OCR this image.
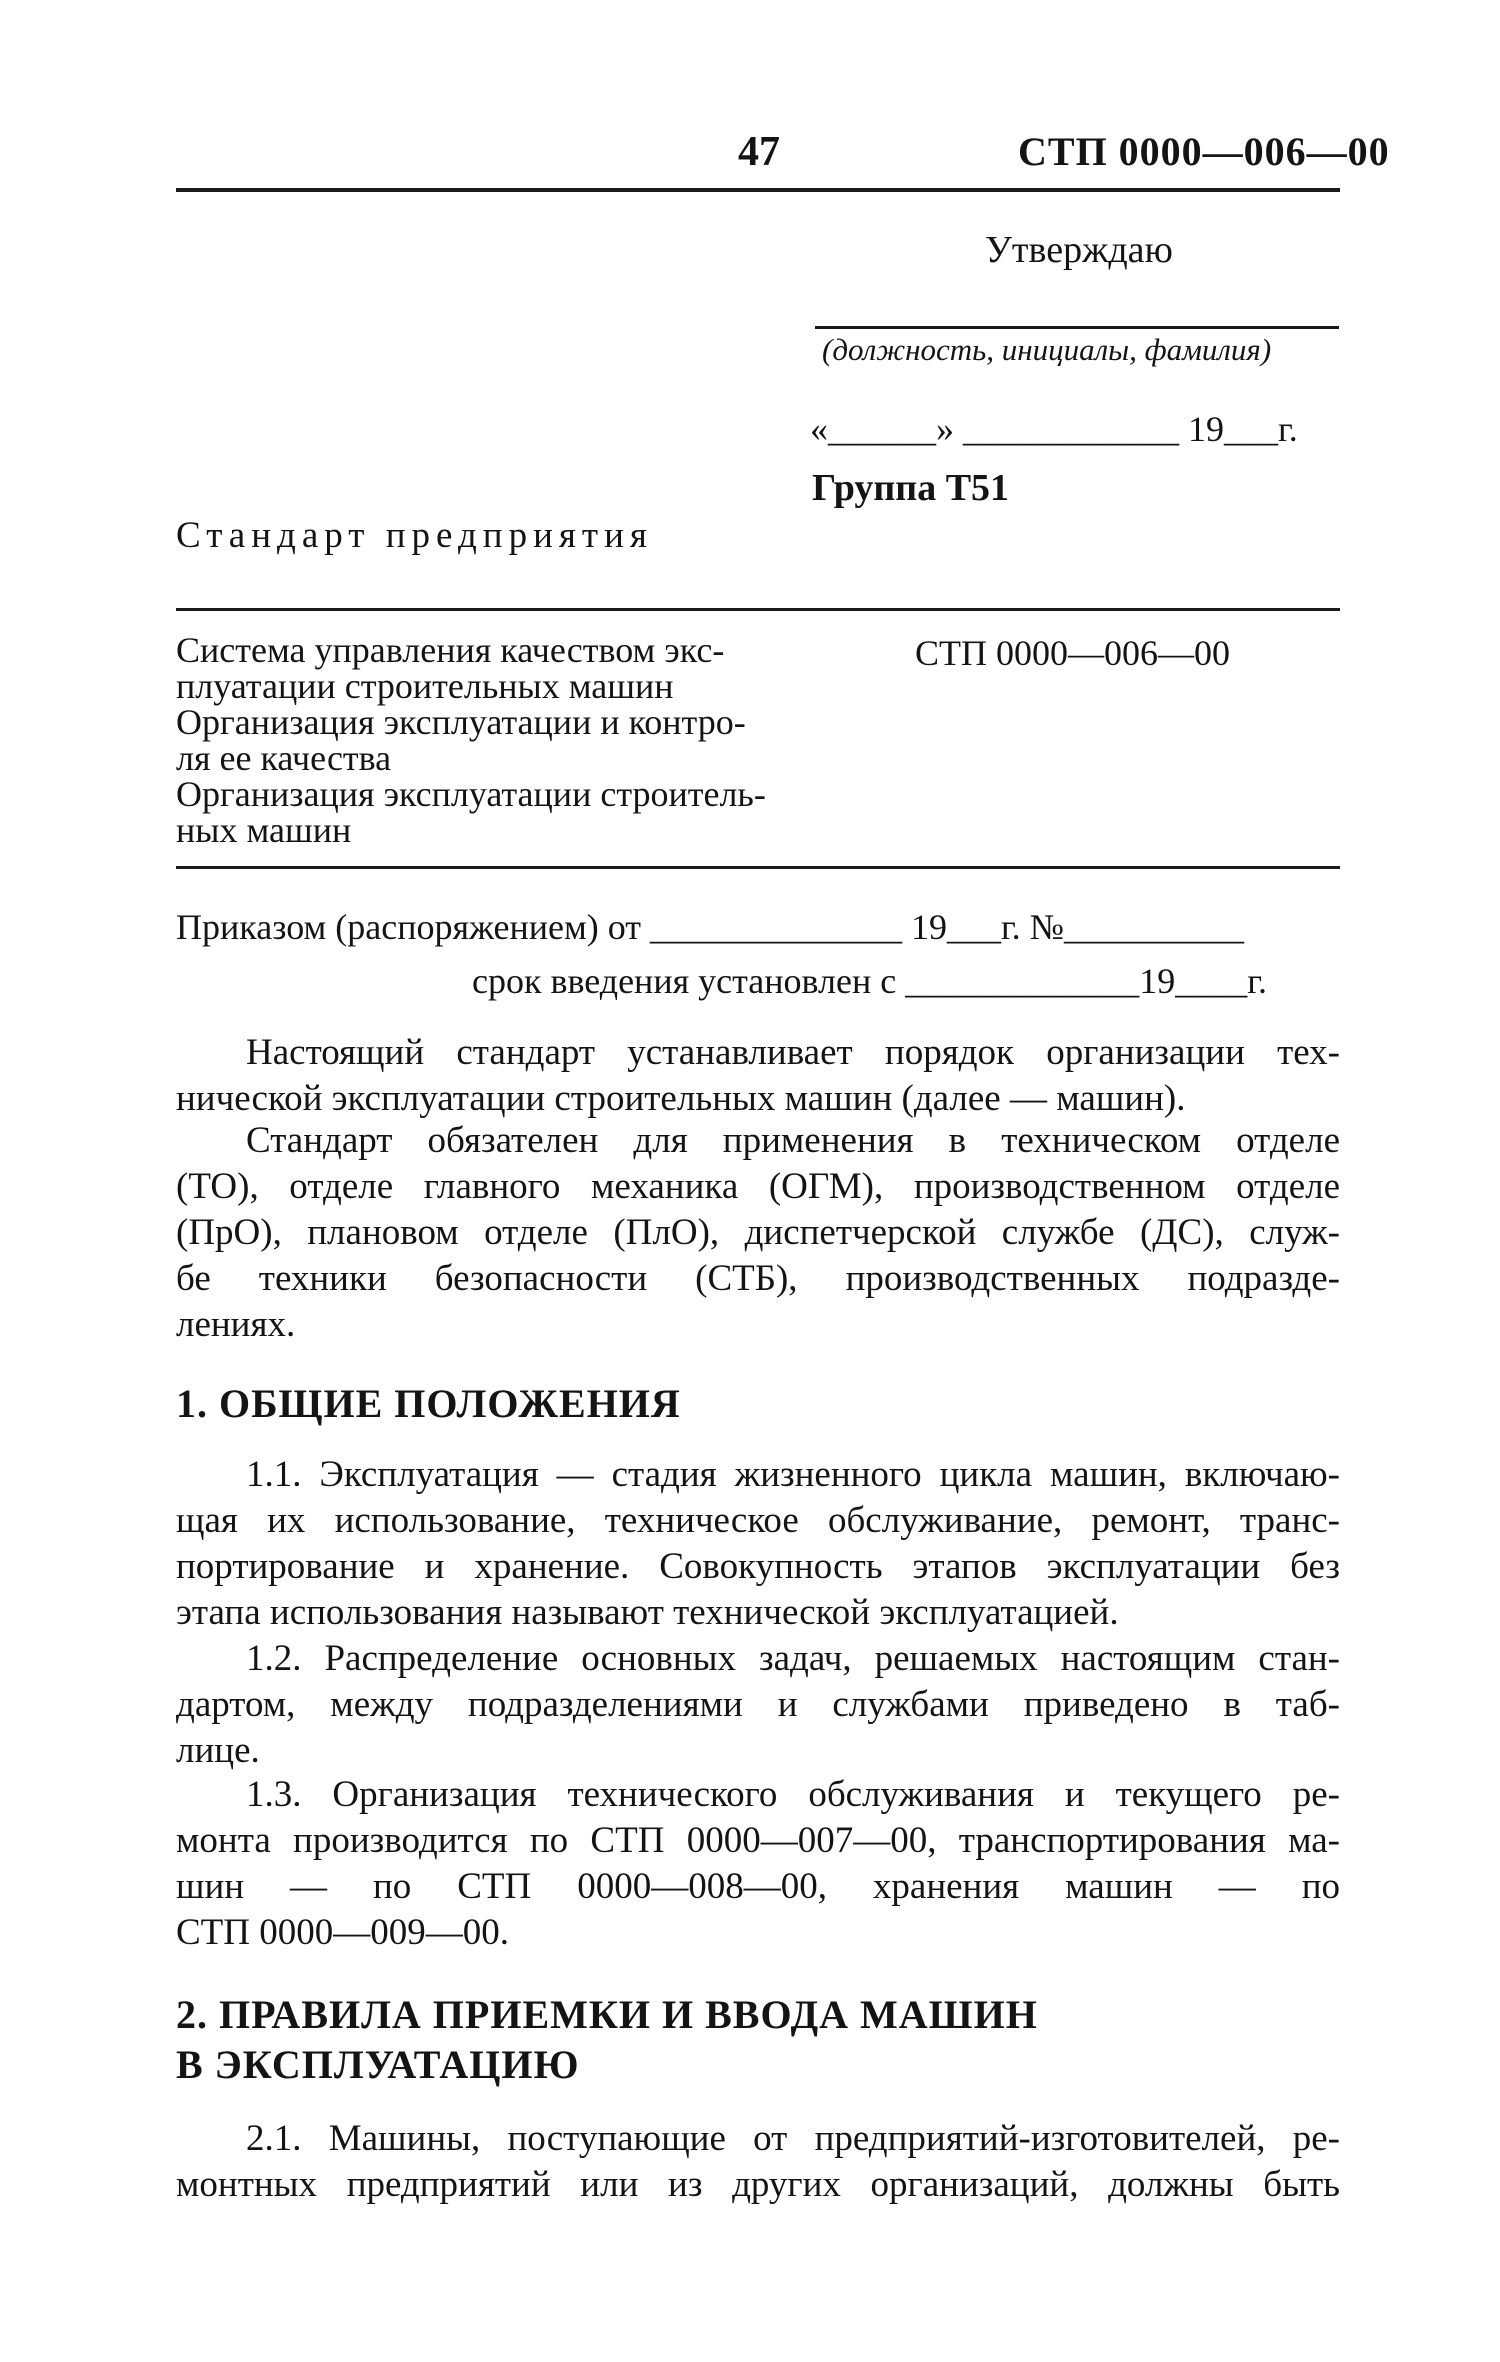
47	СТП 0000—006—00
Утверждаю
(должность, инициалы, фамилия)
«______» ____________ 19___г.
Группа Т51
Стандарт предприятия
Система управления качеством экс-
плуатации строительных машин
Организация эксплуатации и контро-
ля ее качества
Организация эксплуатации строитель-
ных машин
СТП 0000—006—00
Приказом (распоряжением) от ______________ 19___г. №__________
срок введения установлен с _____________19____г.
Настоящий стандарт устанавливает порядок организации тех-
нической эксплуатации строительных машин (далее — машин).
Стандарт обязателен для применения в техническом отделе
(ТО), отделе главного механика (ОГМ), производственном отделе
(ПрО), плановом отделе (ПлО), диспетчерской службе (ДС), служ-
бе техники безопасности (СТБ), производственных подразде-
лениях.
1. ОБЩИЕ ПОЛОЖЕНИЯ
1.1. Эксплуатация — стадия жизненного цикла машин, включаю-
щая их использование, техническое обслуживание, ремонт, транс-
портирование и хранение. Совокупность этапов эксплуатации без
этапа использования называют технической эксплуатацией.
1.2. Распределение основных задач, решаемых настоящим стан-
дартом, между подразделениями и службами приведено в таб-
лице.
1.3. Организация технического обслуживания и текущего ре-
монта производится по СТП 0000—007—00, транспортирования ма-
шин — по СТП 0000—008—00, хранения машин — по
СТП 0000—009—00.
2. ПРАВИЛА ПРИЕМКИ И ВВОДА МАШИН
В ЭКСПЛУАТАЦИЮ
2.1. Машины, поступающие от предприятий-изготовителей, ре-
монтных предприятий или из других организаций, должны быть
